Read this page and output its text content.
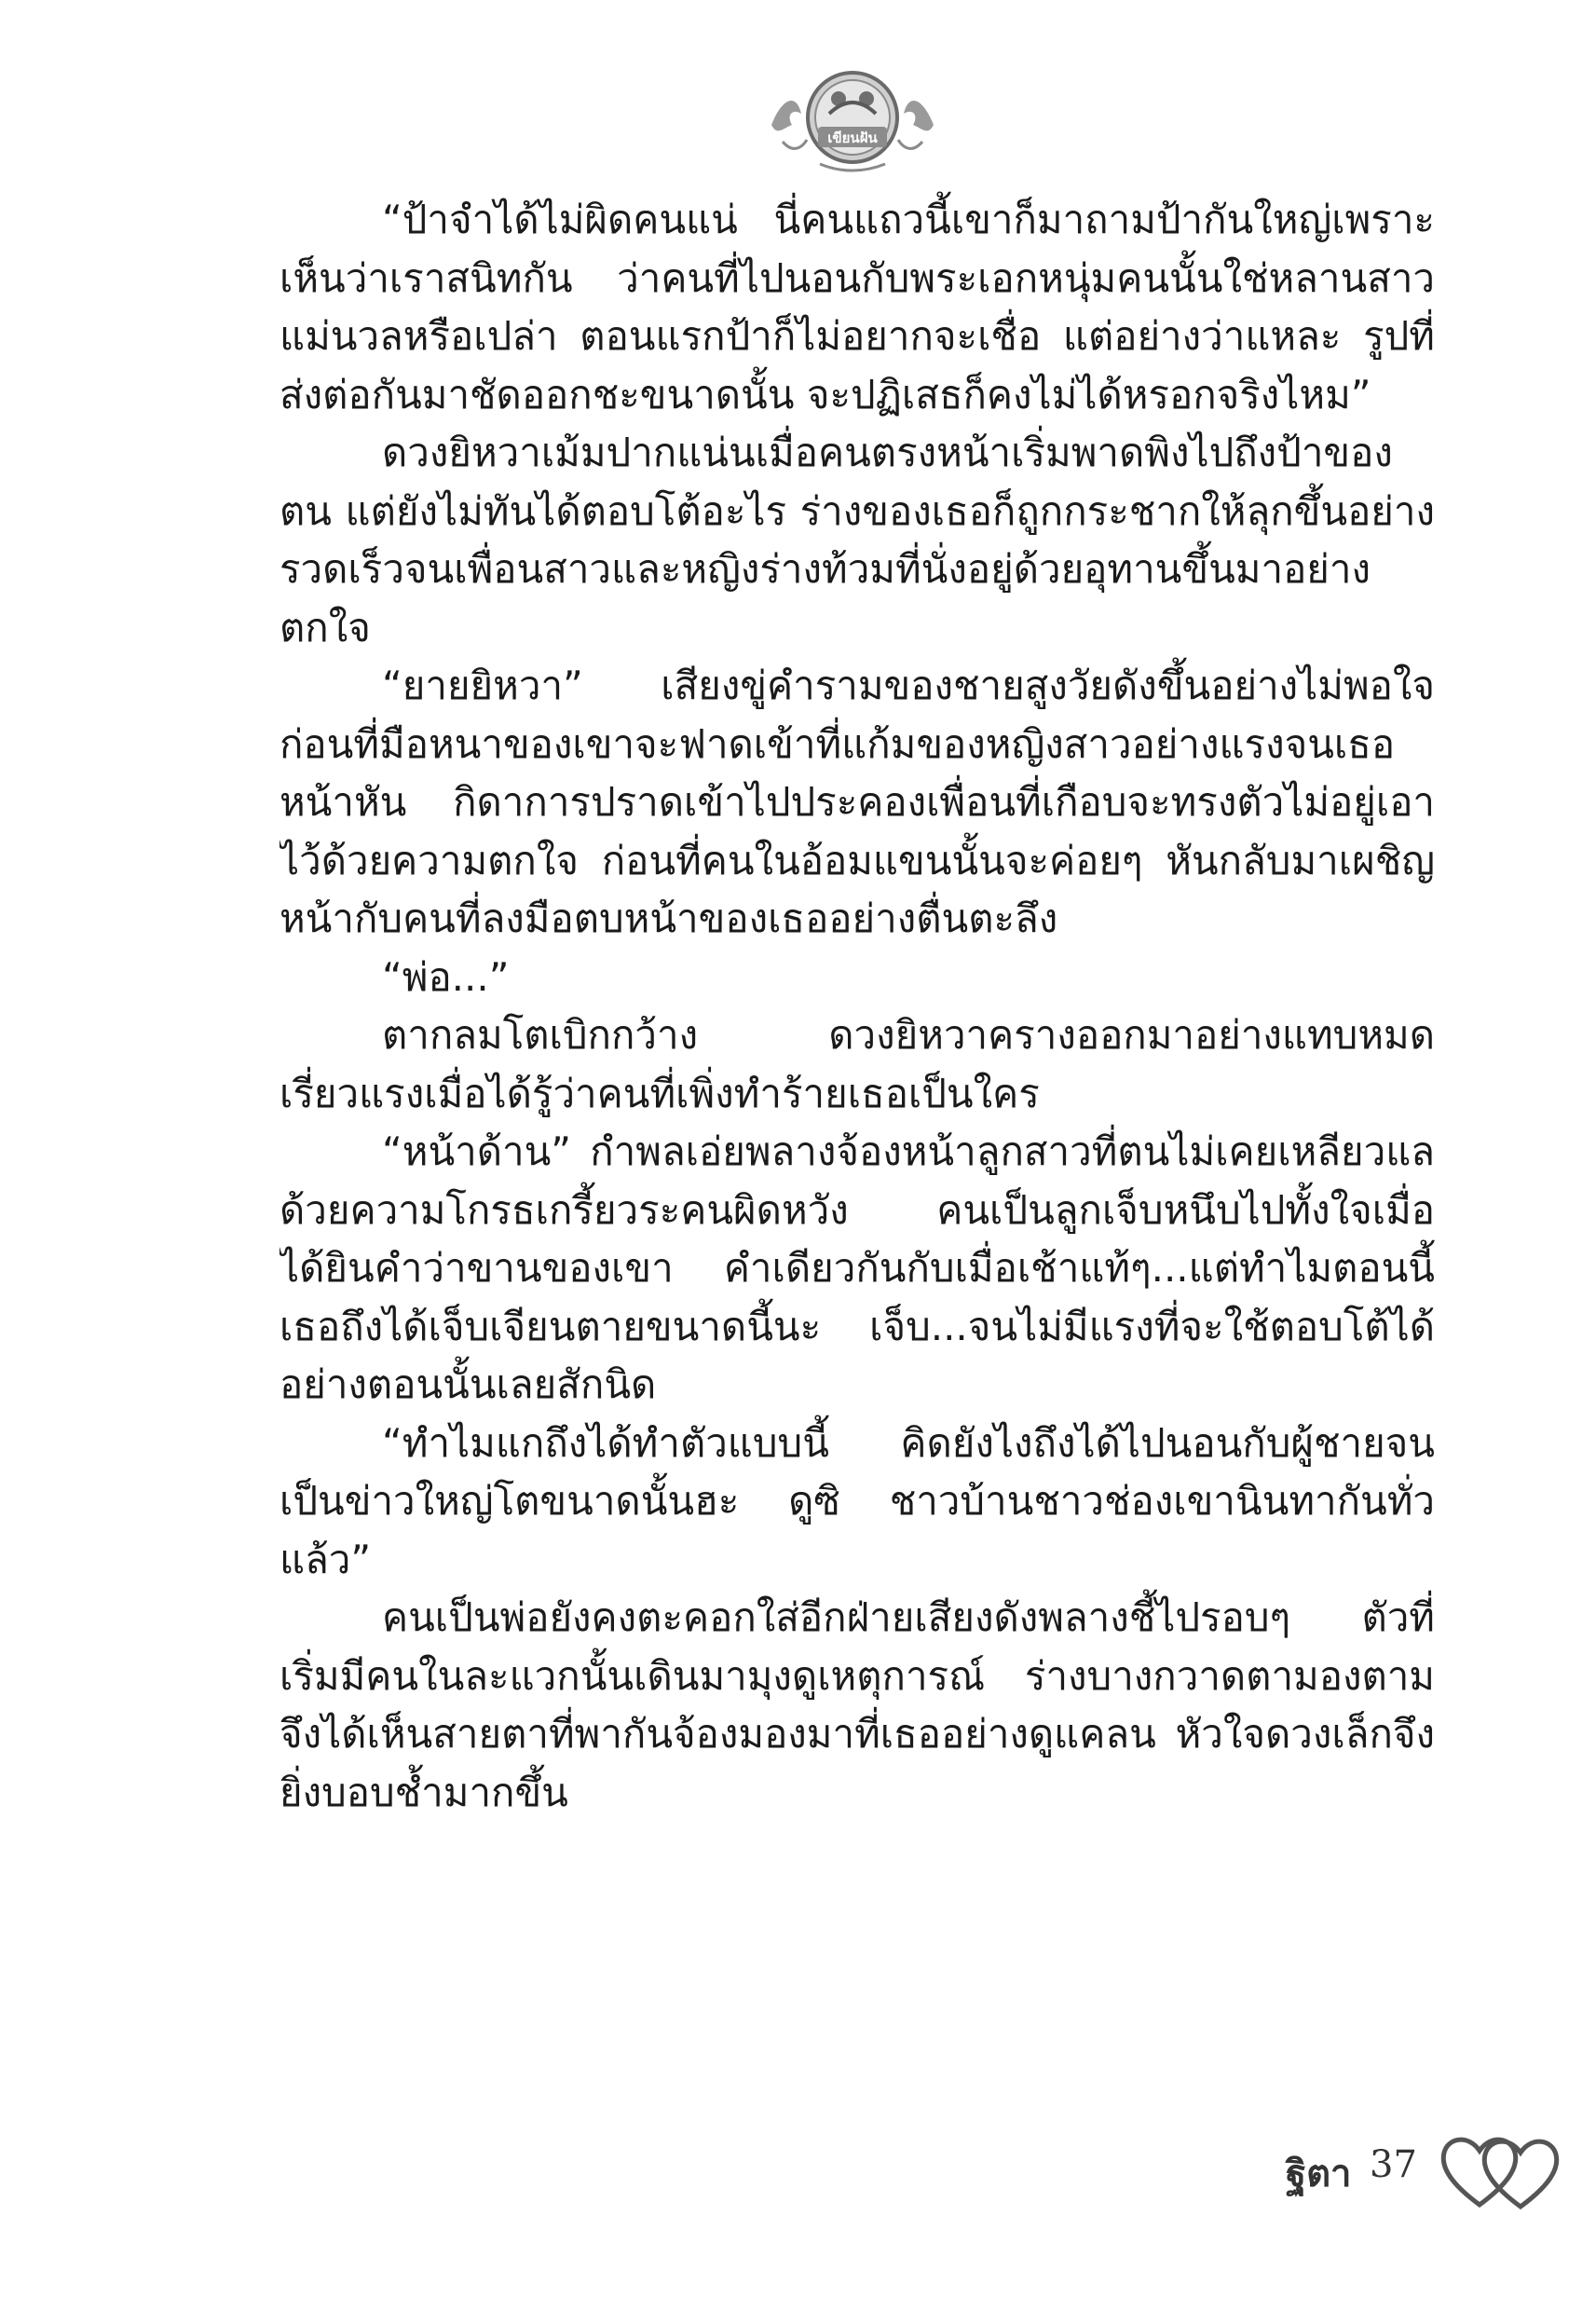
เขียนฝัน

“ป้าจำได้ไม่ผิดคนแน่ นี่คนแถวนี้เขาก็มาถามป้ากันใหญ่เพราะเห็นว่าเราสนิทกัน ว่าคนที่ไปนอนกับพระเอกหนุ่มคนนั้นใช่หลานสาวแม่นวลหรือเปล่า ตอนแรกป้าก็ไม่อยากจะเชื่อ แต่อย่างว่าแหละ รูปที่ส่งต่อกันมาชัดออกชะขนาดนั้น จะปฏิเสธก็คงไม่ได้หรอกจริงไหม”

ดวงยิหวาเม้มปากแน่นเมื่อคนตรงหน้าเริ่มพาดพิงไปถึงป้าของตน แต่ยังไม่ทันได้ตอบโต้อะไร ร่างของเธอก็ถูกกระชากให้ลุกขึ้นอย่างรวดเร็วจนเพื่อนสาวและหญิงร่างท้วมที่นั่งอยู่ด้วยอุทานขึ้นมาอย่างตกใจ

“ยายยิหวา” เสียงขู่คำรามของชายสูงวัยดังขึ้นอย่างไม่พอใจ ก่อนที่มือหนาของเขาจะฟาดเข้าที่แก้มของหญิงสาวอย่างแรงจนเธอหน้าหัน กิดาการปราดเข้าไปประคองเพื่อนที่เกือบจะทรงตัวไม่อยู่เอาไว้ด้วยความตกใจ ก่อนที่คนในอ้อมแขนนั้นจะค่อยๆ หันกลับมาเผชิญหน้ากับคนที่ลงมือตบหน้าของเธออย่างตื่นตะลึง

“พ่อ...”

ตากลมโตเบิกกว้าง ดวงยิหวาครางออกมาอย่างแทบหมดเรี่ยวแรงเมื่อได้รู้ว่าคนที่เพิ่งทำร้ายเธอเป็นใคร

“หน้าด้าน” กำพลเอ่ยพลางจ้องหน้าลูกสาวที่ตนไม่เคยเหลียวแลด้วยความโกรธเกรี้ยวระคนผิดหวัง คนเป็นลูกเจ็บหนึบไปทั้งใจเมื่อได้ยินคำว่าขานของเขา คำเดียวกันกับเมื่อเช้าแท้ๆ...แต่ทำไมตอนนี้เธอถึงได้เจ็บเจียนตายขนาดนี้นะ เจ็บ...จนไม่มีแรงที่จะใช้ตอบโต้ได้อย่างตอนนั้นเลยสักนิด

“ทำไมแกถึงได้ทำตัวแบบนี้ คิดยังไงถึงได้ไปนอนกับผู้ชายจนเป็นข่าวใหญ่โตขนาดนั้นฮะ ดูซิ ชาวบ้านชาวช่องเขานินทากันทั่วแล้ว”

คนเป็นพ่อยังคงตะคอกใส่อีกฝ่ายเสียงดังพลางชี้ไปรอบๆ ตัวที่เริ่มมีคนในละแวกนั้นเดินมามุงดูเหตุการณ์ ร่างบางกวาดตามองตามจึงได้เห็นสายตาที่พากันจ้องมองมาที่เธออย่างดูแคลน หัวใจดวงเล็กจึงยิ่งบอบช้ำมากขึ้น

ฐิตา 37
